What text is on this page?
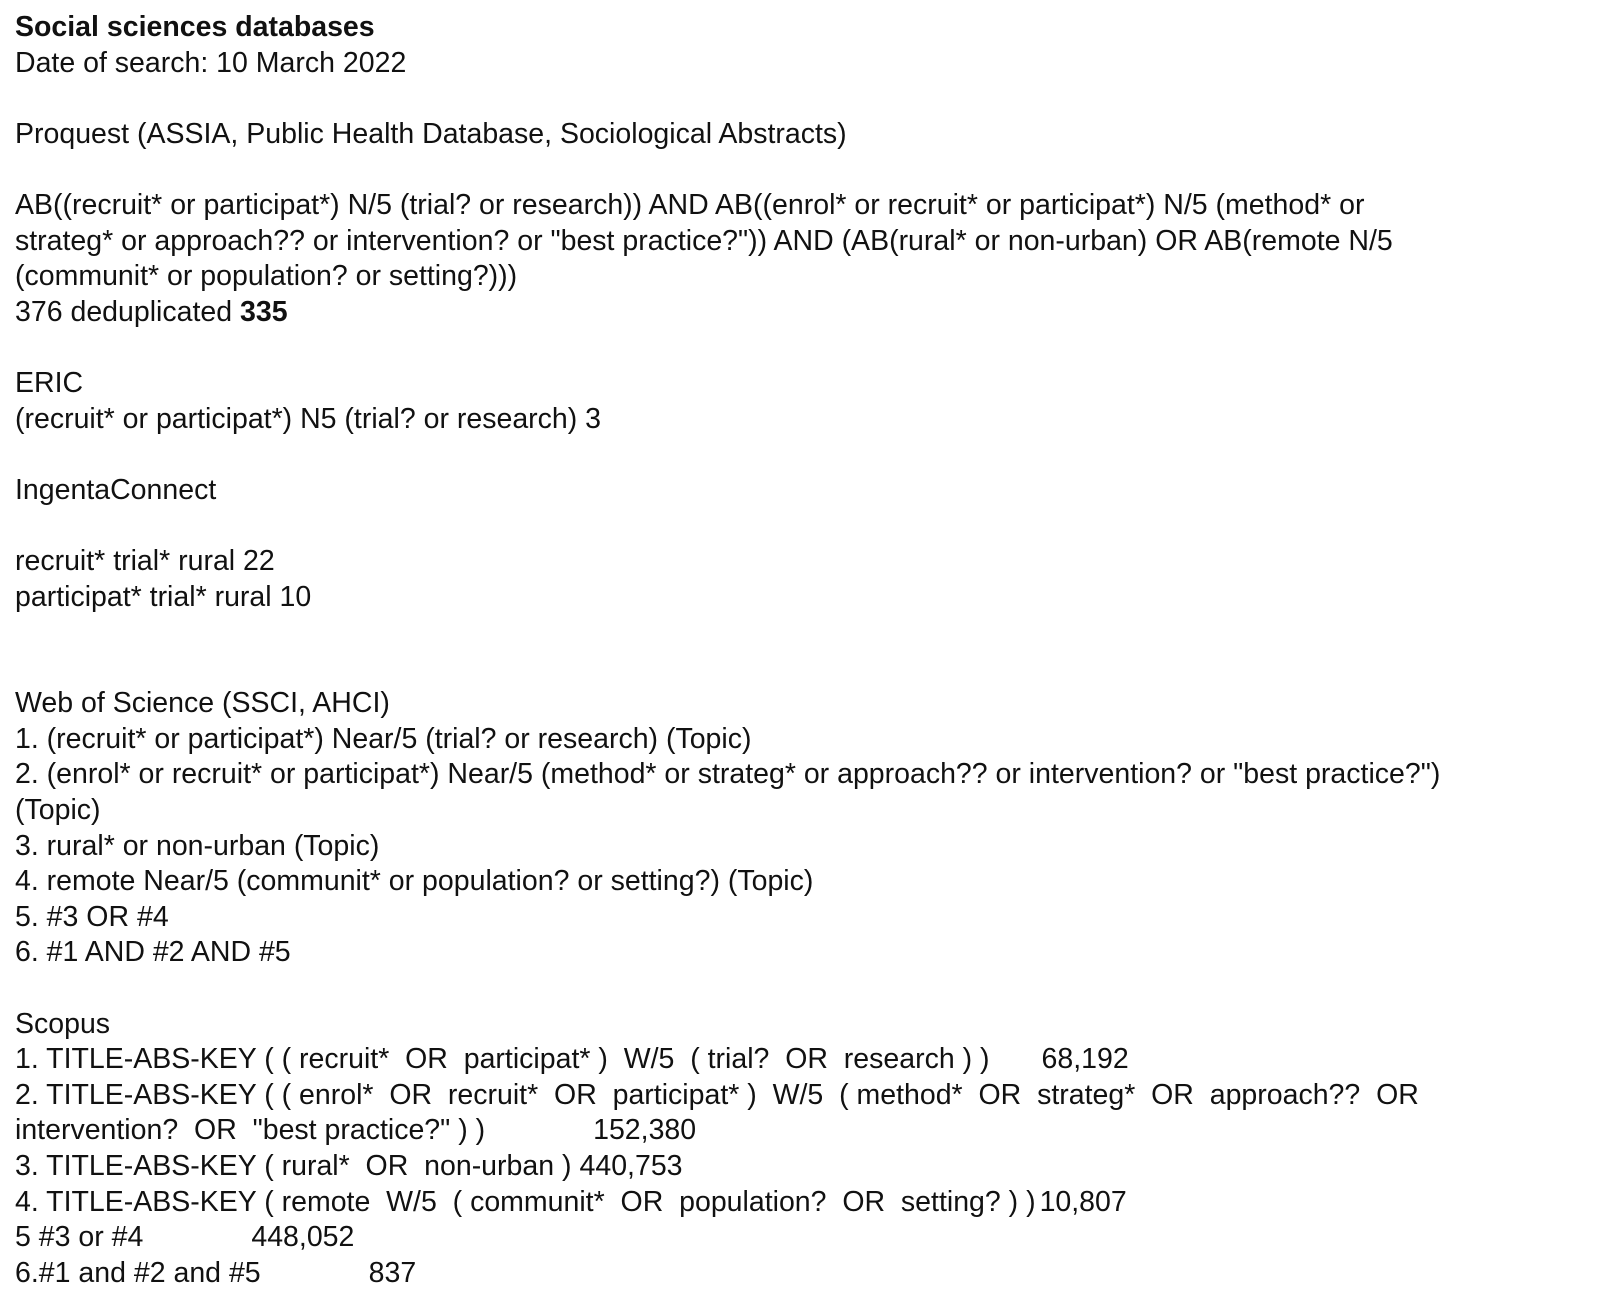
Social sciences databases
Date of search: 10 March 2022
Proquest (ASSIA, Public Health Database, Sociological Abstracts)
AB((recruit* or participat*) N/5 (trial? or research)) AND AB((enrol* or recruit* or participat*) N/5 (method* or
strateg* or approach?? or intervention? or "best practice?")) AND (AB(rural* or non-urban) OR AB(remote N/5
(communit* or population? or setting?)))
376 deduplicated 335
ERIC
(recruit* or participat*) N5 (trial? or research) 3
IngentaConnect
recruit* trial* rural 22
participat* trial* rural 10
Web of Science (SSCI, AHCI)
1. (recruit* or participat*) Near/5 (trial? or research) (Topic)
2. (enrol* or recruit* or participat*) Near/5 (method* or strateg* or approach?? or intervention? or "best practice?")
(Topic)
3. rural* or non-urban (Topic)
4. remote Near/5 (communit* or population? or setting?) (Topic)
5. #3 OR #4
6. #1 AND #2 AND #5
Scopus
1. TITLE-ABS-KEY ( ( recruit*  OR  participat* )  W/5  ( trial?  OR  research ) ) 68,192
2. TITLE-ABS-KEY ( ( enrol*  OR  recruit*  OR  participat* )  W/5  ( method*  OR  strateg*  OR  approach??  OR
intervention?  OR  "best practice?" ) )	152,380
3. TITLE-ABS-KEY ( rural*  OR  non-urban ) 440,753
4. TITLE-ABS-KEY ( remote  W/5  ( communit*  OR  population?  OR  setting? ) ) 10,807
5 #3 or #4	448,052
6.#1 and #2 and #5	837
